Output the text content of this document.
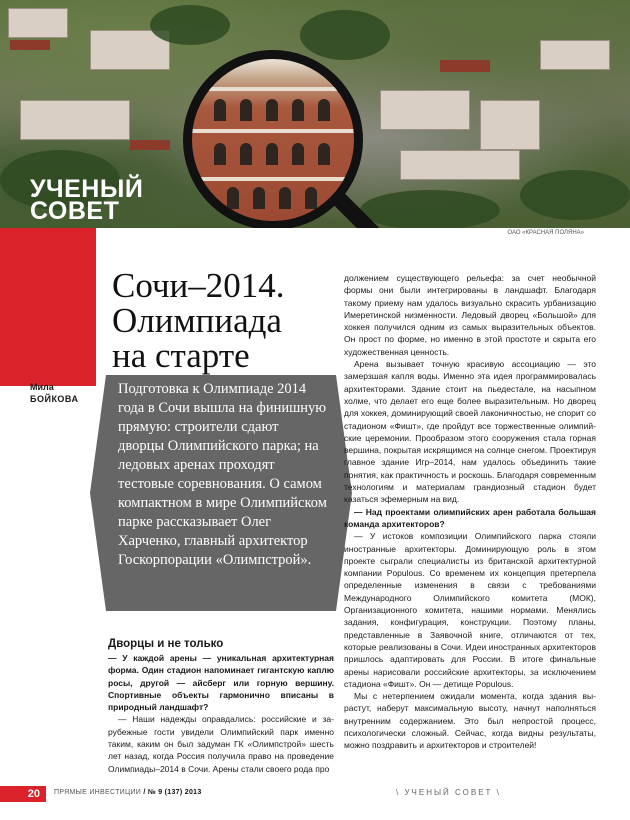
УЧЕНЫЙ
СОВЕТ
ОАО «КРАСНАЯ ПОЛЯНА»
Сочи–2014.
Олимпиада
на старте
Мила
БОЙКОВА
Подготовка к Олимпиаде 2014 года в Сочи вышла на финишную прямую: строители сдают дворцы Олимпийского парка; на ледовых аренах проходят тестовые соревнования. О самом компактном в мире Олимпийском парке рассказывает Олег Харченко, главный архитектор Госкорпорации «Олимпстрой».
Дворцы и не только

— У каждой арены — уникальная архитектурная форма. Один стадион напоминает гигантскую каплю росы, другой — айсберг или горную вершину. Спортивные объекты гармонично вписаны в природный ландшафт?

— Наши надежды оправдались: российские и зарубежные гости увидели Олимпийский парк именно таким, каким он был задуман ГК «Олимпстрой» шесть лет назад, когда Россия получила право на проведение Олимпиады–2014 в Сочи. Арены стали своего рода про

должением существующего рельефа: за счет необычной формы они были интегрированы в ландшафт. Благодаря такому приему нам удалось визуально скрасить урбанизацию Имеретинской низменности. Ледовый дворец «Большой» для хоккея получился одним из самых выразительных объектов. Он прост по форме, но именно в этой простоте и скрыта его художественная ценность.

Арена вызывает точную красивую ассоциацию — это замерзшая капля воды. Именно эта идея программировалась архитекторами. Здание стоит на пьедестале, на насыпном холме, что делает его еще более выразительным. Но дворец для хоккея, доминирующий своей лаконичностью, не спорит со стадионом «Фишт», где пройдут все торжественные олимпийские церемонии. Прообразом этого сооружения стала горная вершина, покрытая искрящимся на солнце снегом. Проектируя главное здание Игр–2014, нам удалось объединить такие понятия, как практичность и роскошь. Благодаря современным технологиям и материалам грандиозный стадион будет казаться эфемерным на вид.

— Над проектами олимпийских арен работала большая команда архитекторов?

— У истоков композиции Олимпийского парка стояли иностранные архитекторы. Доминирующую роль в этом проекте сыграли специалисты из британской архитектурной компании Populous. Со временем их концепция претерпела определенные изменения в связи с требованиями Международного Олимпийского комитета (МОК), Организационного комитета, нашими нормами. Менялись задания, конфигурация, конструкции. Поэтому планы, представленные в Заявочной книге, отличаются от тех, которые реализованы в Сочи. Идеи иностранных архитекторов пришлось адаптировать для России. В итоге финальные арены нарисовали российские архитекторы, за исключением стадиона «Фишт». Он — детище Populous.

Мы с нетерпением ожидали момента, когда здания вырастут, наберут максимальную высоту, начнут наполняться внутренним содержанием. Это был непростой процесс, психологически сложный. Сейчас, когда видны результаты, можно поздравить и архитекторов и строителей!

20	ПРЯМЫЕ ИНВЕСТИЦИИ / № 9 (137) 2013	\ УЧЕНЫЙ СОВЕТ \
